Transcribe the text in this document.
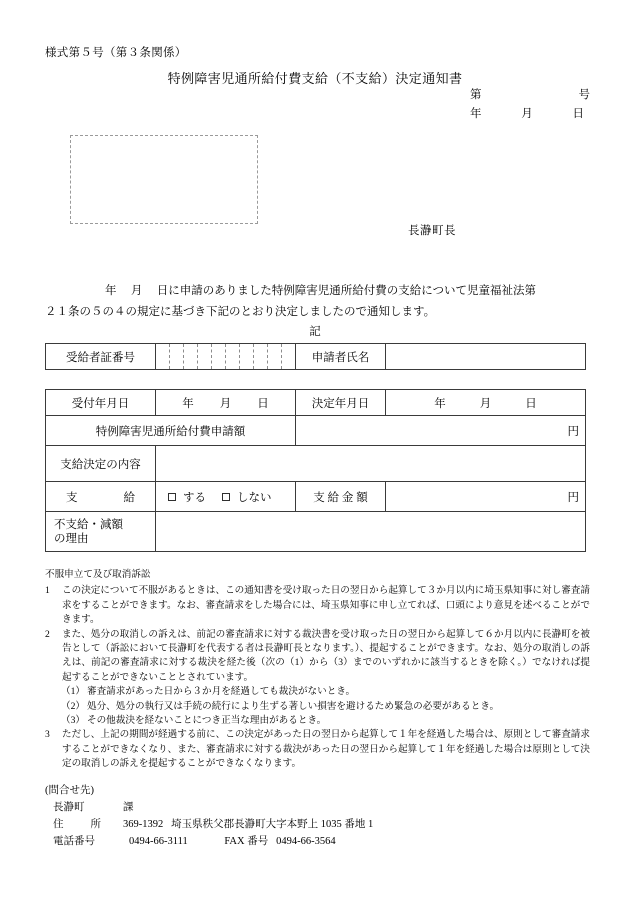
様式第５号（第３条関係）
特例障害児通所給付費支給（不支給）決定通知書
第	号
年	月	日
長瀞町長
年 月 日に申請のありました特例障害児通所給付費の支給について児童福祉法第
２１条の５の４の規定に基づき下記のとおり決定しましたので通知します。
記
受給者証番号		申請者氏名	
受付年月日	年 月 日	決定年月日	年 月 日

特例障害児通所給付費申請額		円	
支給決定の内容			

支 給	する しない	支 給 金 額	円
不支給・減額
の理由			
不服申立て及び取消訴訟
1	この決定について不服があるときは、この通知書を受け取った日の翌日から起算して３か月以内に埼玉県知事に対し審査請求をすることができます。なお、審査請求をした場合には、埼玉県知事に申し立てれば、口頭により意見を述べることができます。
2	また、処分の取消しの訴えは、前記の審査請求に対する裁決書を受け取った日の翌日から起算して６か月以内に長瀞町を被告として（訴訟において長瀞町を代表する者は長瀞町長となります。）、提起することができます。なお、処分の取消しの訴えは、前記の審査請求に対する裁決を経た後（次の（1）から（3）までのいずれかに該当するときを除く。）でなければ提起することができないこととされています。
（1） 審査請求があった日から３か月を経過しても裁決がないとき。
（2） 処分、処分の執行又は手続の続行により生ずる著しい損害を避けるため緊急の必要があるとき。
（3） その他裁決を経ないことにつき正当な理由があるとき。
3	ただし、上記の期間が経過する前に、この決定があった日の翌日から起算して１年を経過した場合は、原則として審査請求することができなくなり、また、審査請求に対する裁決があった日の翌日から起算して１年を経過した場合は原則として決定の取消しの訴えを提起することができなくなります。
(問合せ先)
長瀞町	課
住	所 369-1392 埼玉県秩父郡長瀞町大字本野上 1035 番地 1
電話番号	0494-66-3111	FAX 番号 0494-66-3564
